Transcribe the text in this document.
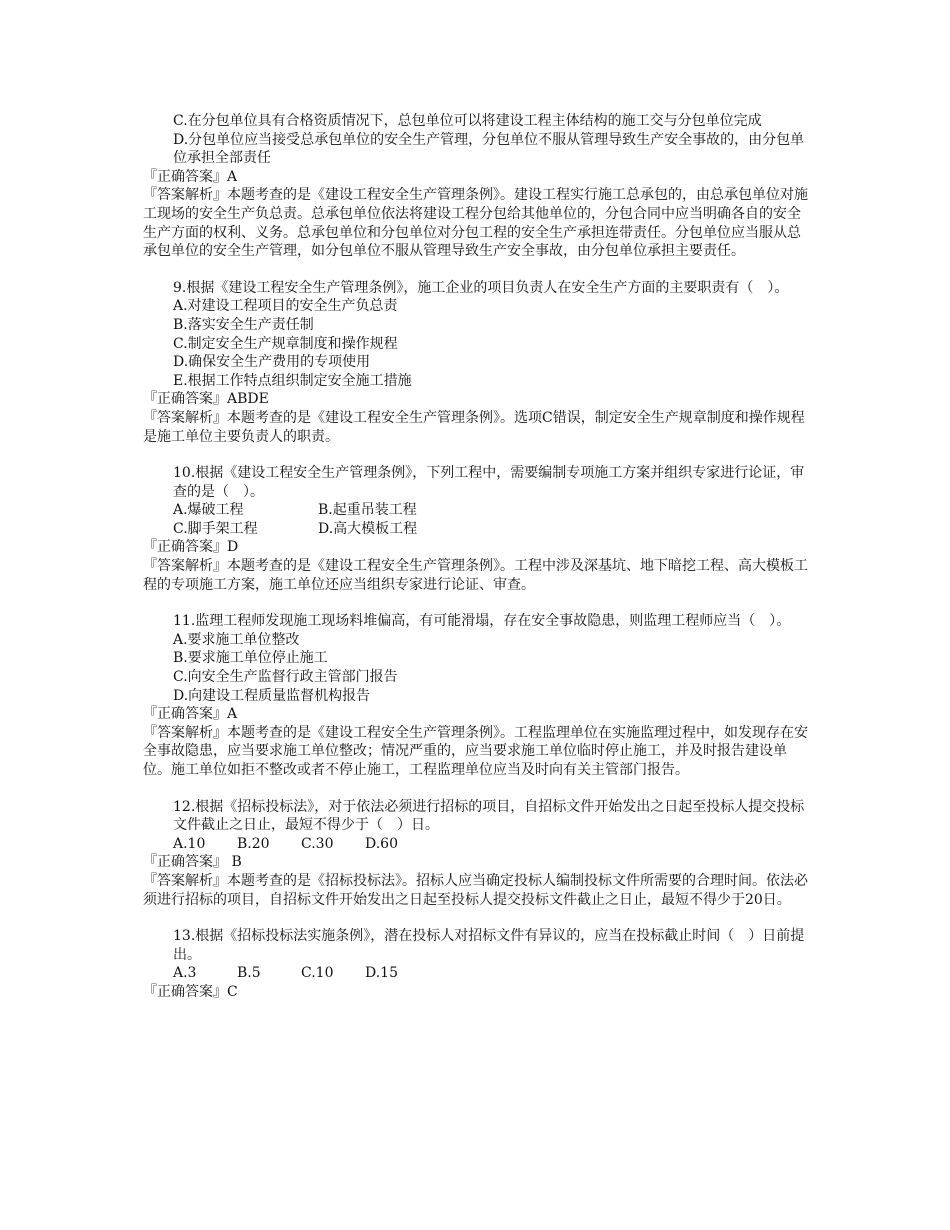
C.在分包单位具有合格资质情况下，总包单位可以将建设工程主体结构的施工交与分包单位完成
D.分包单位应当接受总承包单位的安全生产管理，分包单位不服从管理导致生产安全事故的，由分包单位承担全部责任
『正确答案』A
『答案解析』本题考查的是《建设工程安全生产管理条例》。建设工程实行施工总承包的，由总承包单位对施工现场的安全生产负总责。总承包单位依法将建设工程分包给其他单位的，分包合同中应当明确各自的安全生产方面的权利、义务。总承包单位和分包单位对分包工程的安全生产承担连带责任。分包单位应当服从总承包单位的安全生产管理，如分包单位不服从管理导致生产安全事故，由分包单位承担主要责任。
9.根据《建设工程安全生产管理条例》，施工企业的项目负责人在安全生产方面的主要职责有（　）。
A.对建设工程项目的安全生产负总责
B.落实安全生产责任制
C.制定安全生产规章制度和操作规程
D.确保安全生产费用的专项使用
E.根据工作特点组织制定安全施工措施
『正确答案』ABDE
『答案解析』本题考查的是《建设工程安全生产管理条例》。选项C错误，制定安全生产规章制度和操作规程是施工单位主要负责人的职责。
10.根据《建设工程安全生产管理条例》，下列工程中，需要编制专项施工方案并组织专家进行论证，审查的是（　）。
A.爆破工程	B.起重吊装工程
C.脚手架工程	D.高大模板工程
『正确答案』D
『答案解析』本题考查的是《建设工程安全生产管理条例》。工程中涉及深基坑、地下暗挖工程、高大模板工程的专项施工方案，施工单位还应当组织专家进行论证、审查。
11.监理工程师发现施工现场料堆偏高，有可能滑塌，存在安全事故隐患，则监理工程师应当（　）。
A.要求施工单位整改
B.要求施工单位停止施工
C.向安全生产监督行政主管部门报告
D.向建设工程质量监督机构报告
『正确答案』A
『答案解析』本题考查的是《建设工程安全生产管理条例》。工程监理单位在实施监理过程中，如发现存在安全事故隐患，应当要求施工单位整改；情况严重的，应当要求施工单位临时停止施工，并及时报告建设单位。施工单位如拒不整改或者不停止施工，工程监理单位应当及时向有关主管部门报告。
12.根据《招标投标法》，对于依法必须进行招标的项目，自招标文件开始发出之日起至投标人提交投标文件截止之日止，最短不得少于（　）日。
A.10 B.20 C.30 D.60
『正确答案』 B
『答案解析』本题考查的是《招标投标法》。招标人应当确定投标人编制投标文件所需要的合理时间。依法必须进行招标的项目，自招标文件开始发出之日起至投标人提交投标文件截止之日止，最短不得少于20日。
13.根据《招标投标法实施条例》，潜在投标人对招标文件有异议的，应当在投标截止时间（　）日前提出。
A.3	B.5	C.10 D.15
『正确答案』C
